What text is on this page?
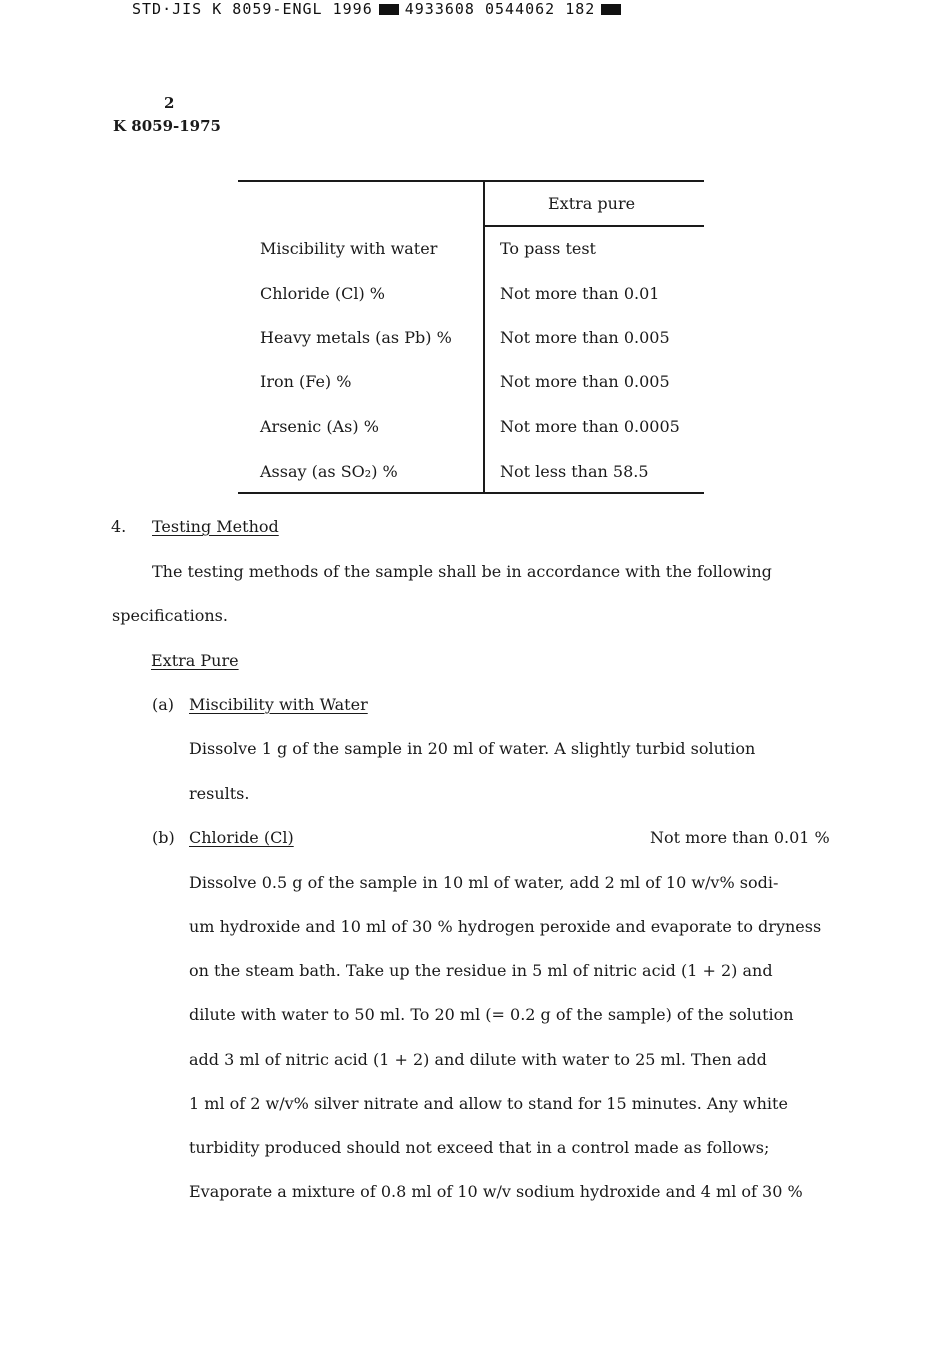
STD·JIS K 8059-ENGL 1996 4933608 0544062 182
2
K 8059-1975
Extra pure
Miscibility with water	To pass test
Chloride (Cl) %	Not more than 0.01
Heavy metals (as Pb) %	Not more than 0.005
Iron (Fe) %	Not more than 0.005
Arsenic (As) %	Not more than 0.0005
Assay (as SO₂) %	Not less than 58.5
4. Testing Method
The testing methods of the sample shall be in accordance with the following
specifications.
Extra Pure
(a) Miscibility with Water
Dissolve 1 g of the sample in 20 ml of water. A slightly turbid solution
results.
(b) Chloride (Cl)	Not more than 0.01 %
Dissolve 0.5 g of the sample in 10 ml of water, add 2 ml of 10 w/v% sodi-
um hydroxide and 10 ml of 30 % hydrogen peroxide and evaporate to dryness
on the steam bath. Take up the residue in 5 ml of nitric acid (1 + 2) and
dilute with water to 50 ml. To 20 ml (= 0.2 g of the sample) of the solution
add 3 ml of nitric acid (1 + 2) and dilute with water to 25 ml. Then add
1 ml of 2 w/v% silver nitrate and allow to stand for 15 minutes. Any white
turbidity produced should not exceed that in a control made as follows;
Evaporate a mixture of 0.8 ml of 10 w/v sodium hydroxide and 4 ml of 30 %
